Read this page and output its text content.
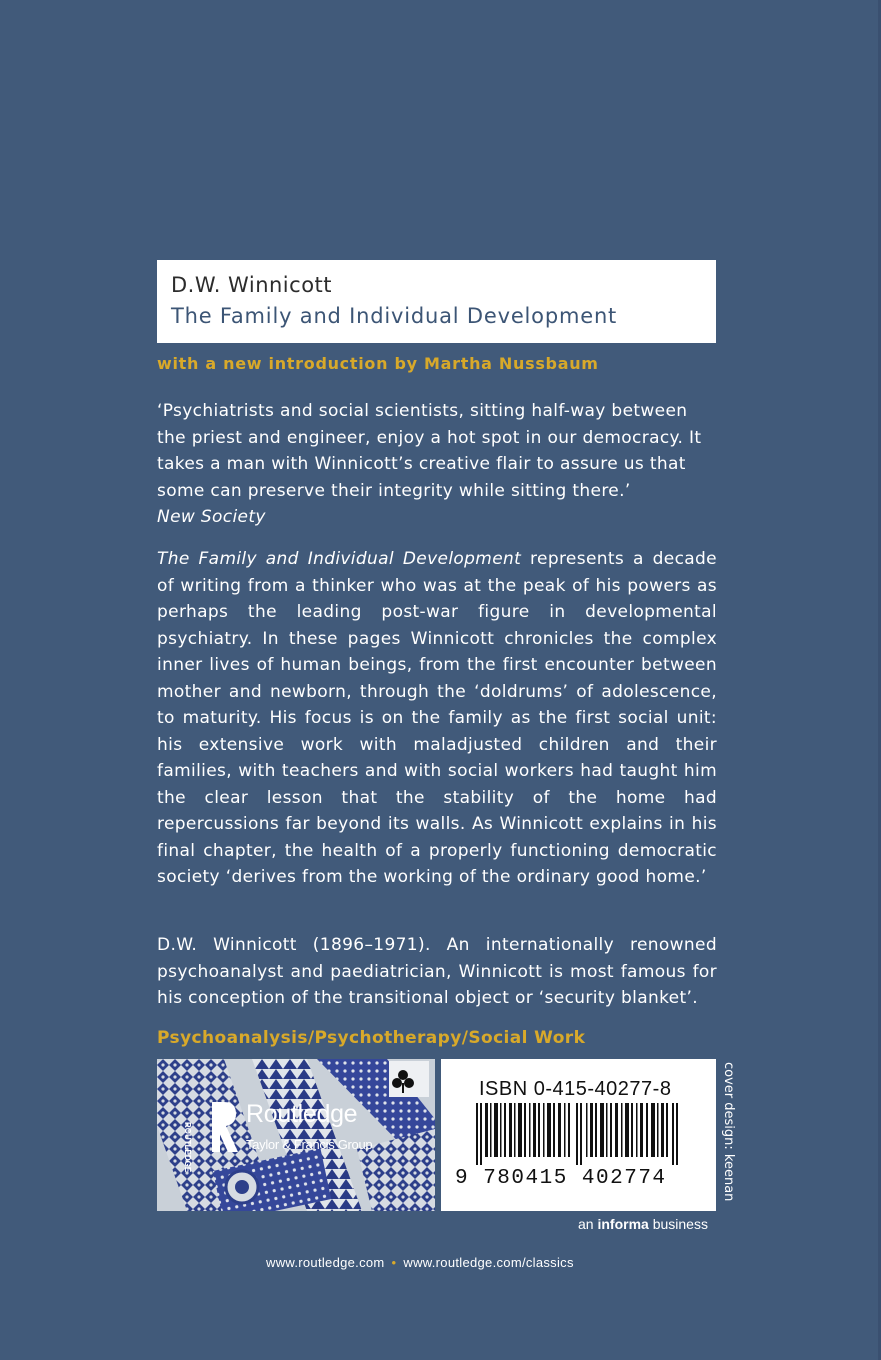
D.W. Winnicott
The Family and Individual Development
with a new introduction by Martha Nussbaum
‘Psychiatrists and social scientists, sitting half-way between the priest and engineer, enjoy a hot spot in our democracy. It takes a man with Winnicott’s creative flair to assure us that some can preserve their integrity while sitting there.’
New Society
The Family and Individual Development represents a decade of writing from a thinker who was at the peak of his powers as perhaps the leading post-war figure in developmental psychiatry. In these pages Winnicott chronicles the complex inner lives of human beings, from the first encounter between mother and newborn, through the ‘doldrums’ of adolescence, to maturity. His focus is on the family as the first social unit: his extensive work with maladjusted children and their families, with teachers and with social workers had taught him the clear lesson that the stability of the home had repercussions far beyond its walls. As Winnicott explains in his final chapter, the health of a properly functioning democratic society ‘derives from the working of the ordinary good home.’
D.W. Winnicott (1896–1971). An internationally renowned psychoanalyst and paediatrician, Winnicott is most famous for his conception of the transitional object or ‘security blanket’.
Psychoanalysis/Psychotherapy/Social Work
ROUTLEDGE
Routledge
Taylor & Francis Group
ISBN 0-415-40277-8
9 780415 402774	cover design: keenan
an informa business
www.routledge.com • www.routledge.com/classics
